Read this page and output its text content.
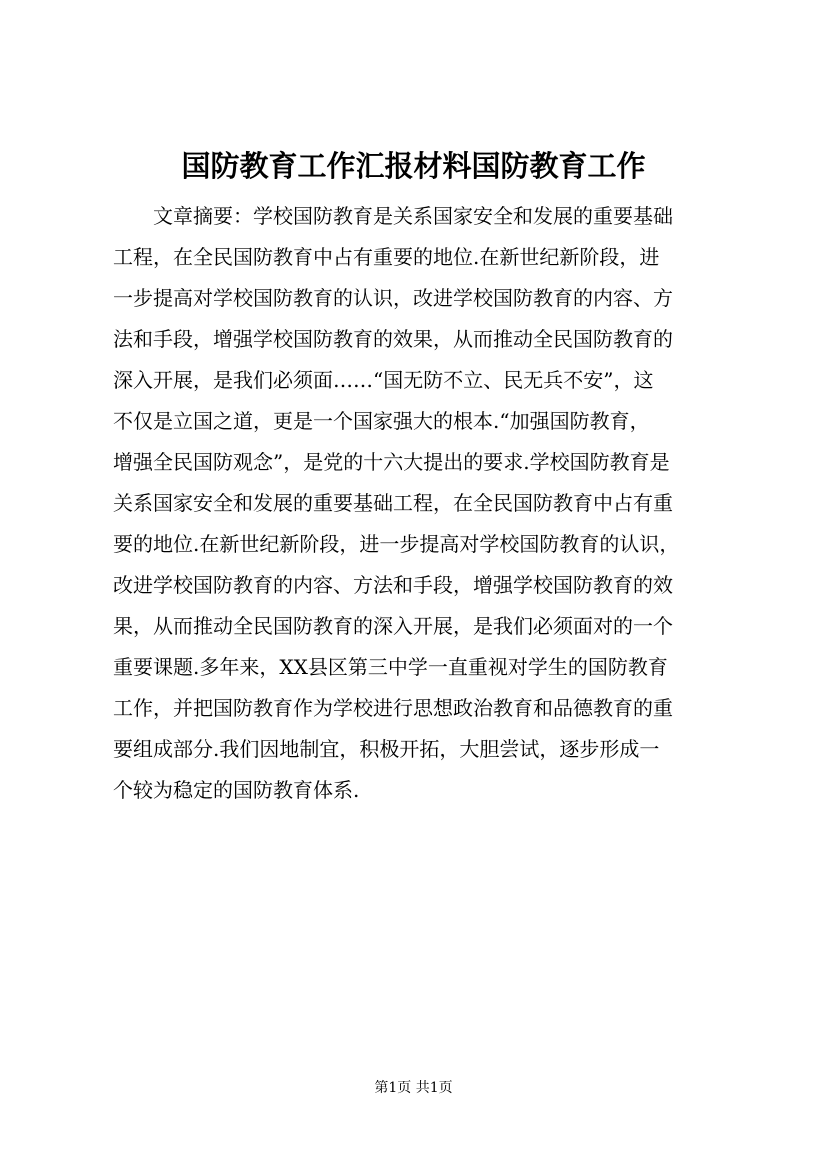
国防教育工作汇报材料国防教育工作
文章摘要：学校国防教育是关系国家安全和发展的重要基础
工程，在全民国防教育中占有重要的地位.在新世纪新阶段，进
一步提高对学校国防教育的认识，改进学校国防教育的内容、方
法和手段，增强学校国防教育的效果，从而推动全民国防教育的
深入开展，是我们必须面……“国无防不立、民无兵不安”，这
不仅是立国之道，更是一个国家强大的根本.“加强国防教育，
增强全民国防观念”，是党的十六大提出的要求.学校国防教育是
关系国家安全和发展的重要基础工程，在全民国防教育中占有重
要的地位.在新世纪新阶段，进一步提高对学校国防教育的认识，
改进学校国防教育的内容、方法和手段，增强学校国防教育的效
果，从而推动全民国防教育的深入开展，是我们必须面对的一个
重要课题.多年来，XX县区第三中学一直重视对学生的国防教育
工作，并把国防教育作为学校进行思想政治教育和品德教育的重
要组成部分.我们因地制宜，积极开拓，大胆尝试，逐步形成一
个较为稳定的国防教育体系.
第1页 共1页
